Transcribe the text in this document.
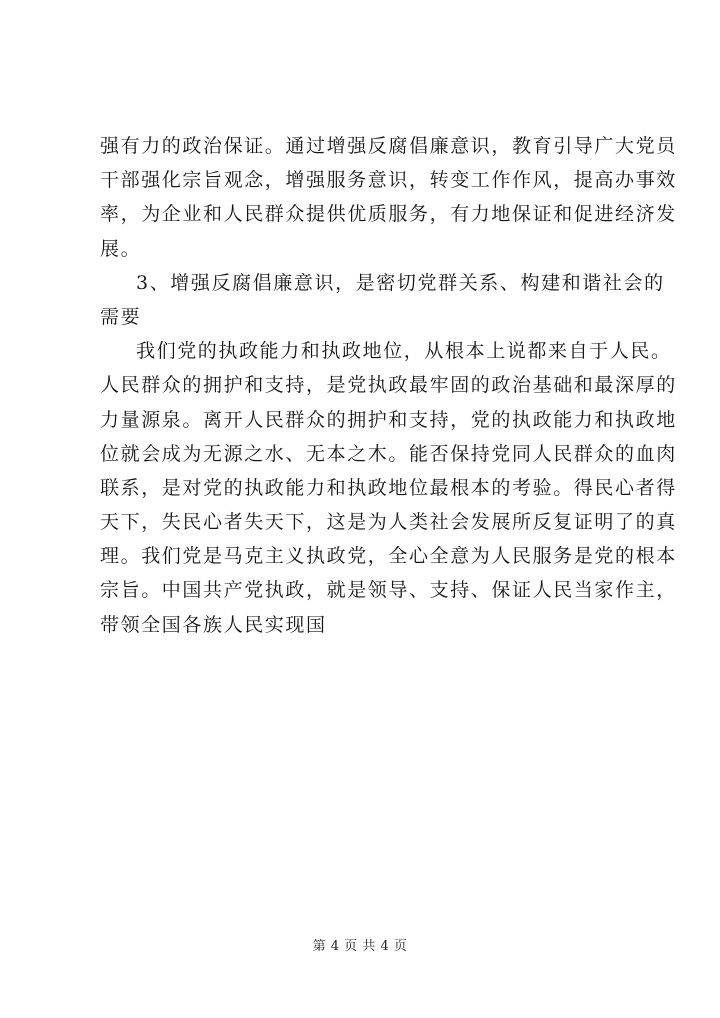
强有力的政治保证。通过增强反腐倡廉意识，教育引导广大党员
干部强化宗旨观念，增强服务意识，转变工作作风，提高办事效
率，为企业和人民群众提供优质服务，有力地保证和促进经济发
展。
3、增强反腐倡廉意识，是密切党群关系、构建和谐社会的
需要
我们党的执政能力和执政地位，从根本上说都来自于人民。
人民群众的拥护和支持，是党执政最牢固的政治基础和最深厚的
力量源泉。离开人民群众的拥护和支持，党的执政能力和执政地
位就会成为无源之水、无本之木。能否保持党同人民群众的血肉
联系，是对党的执政能力和执政地位最根本的考验。得民心者得
天下，失民心者失天下，这是为人类社会发展所反复证明了的真
理。我们党是马克主义执政党，全心全意为人民服务是党的根本
宗旨。中国共产党执政，就是领导、支持、保证人民当家作主，
带领全国各族人民实现国
第 4 页 共 4 页
